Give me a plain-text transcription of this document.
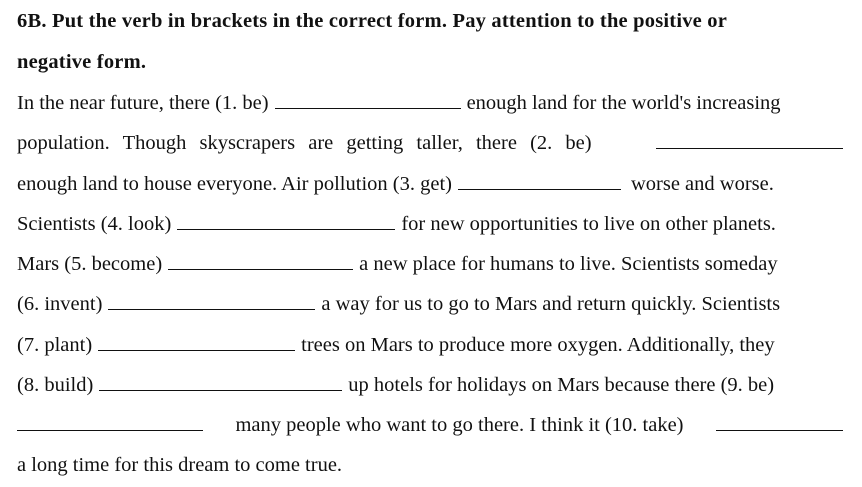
6B. Put the verb in brackets in the correct form. Pay attention to the positive or
negative form.
In the near future, there (1. be)	enough land for the world's increasing
population. Though skyscrapers are getting taller, there (2. be)
enough land to house everyone. Air pollution (3. get)	worse and worse.
Scientists (4. look)	for new opportunities to live on other planets.
Mars (5. become)	a new place for humans to live. Scientists someday
(6. invent)	a way for us to go to Mars and return quickly. Scientists
(7. plant)	trees on Mars to produce more oxygen. Additionally, they
(8. build)	up hotels for holidays on Mars because there (9. be)
many people who want to go there. I think it (10. take)
a long time for this dream to come true.
